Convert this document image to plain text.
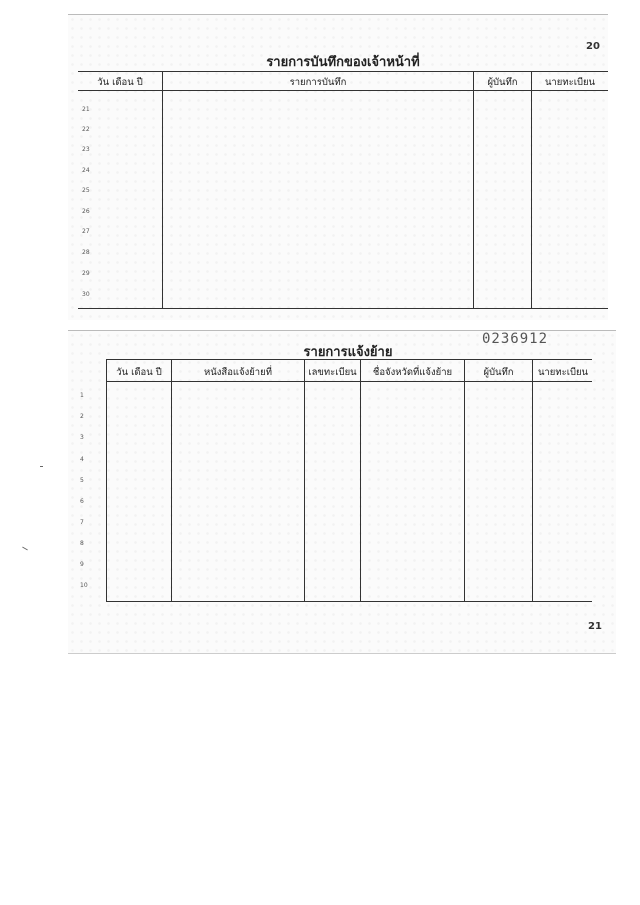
20
รายการบันทึกของเจ้าหน้าที่
วัน เดือน ปี	รายการบันทึก	ผู้บันทึก	นายทะเบียน
21
22
23
24
25
26
27
28
29
30
0236912
รายการแจ้งย้าย
วัน เดือน ปี	หนังสือแจ้งย้ายที่	เลขทะเบียน	ชื่อจังหวัดที่แจ้งย้าย	ผู้บันทึก	นายทะเบียน
1
2
3
4
5
6
7
8
9
10
21
